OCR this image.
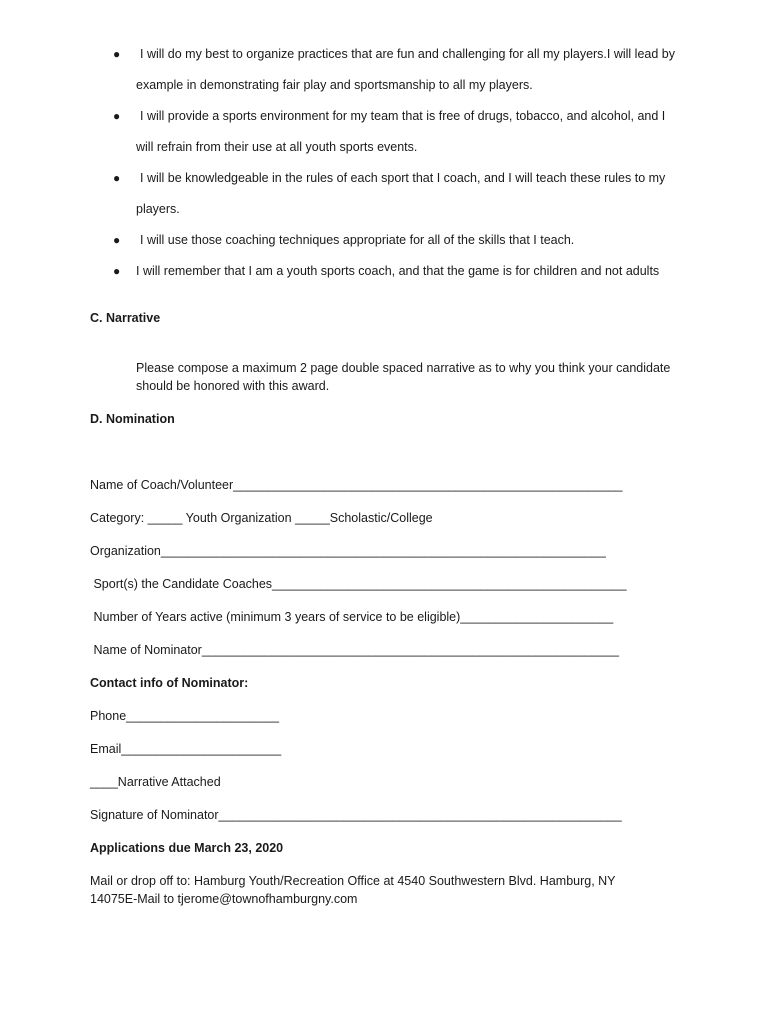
● I will do my best to organize practices that are fun and challenging for all my players.I will lead by
example in demonstrating fair play and sportsmanship to all my players.
● I will provide a sports environment for my team that is free of drugs, tobacco, and alcohol, and I
will refrain from their use at all youth sports events.
● I will be knowledgeable in the rules of each sport that I coach, and I will teach these rules to my
players.
● I will use those coaching techniques appropriate for all of the skills that I teach.
● I will remember that I am a youth sports coach, and that the game is for children and not adults
C. Narrative
Please compose a maximum 2 page double spaced narrative as to why you think your candidate
should be honored with this award.
D. Nomination
Name of Coach/Volunteer________________________________________________________
Category: _____ Youth Organization _____Scholastic/College
Organization________________________________________________________________
Sport(s) the Candidate Coaches___________________________________________________
Number of Years active (minimum 3 years of service to be eligible)______________________
Name of Nominator____________________________________________________________
Contact info of Nominator:
Phone______________________
Email_______________________
____Narrative Attached
Signature of Nominator__________________________________________________________
Applications due March 23, 2020
Mail or drop off to: Hamburg Youth/Recreation Office at 4540 Southwestern Blvd. Hamburg, NY
14075E-Mail to tjerome@townofhamburgny.com
